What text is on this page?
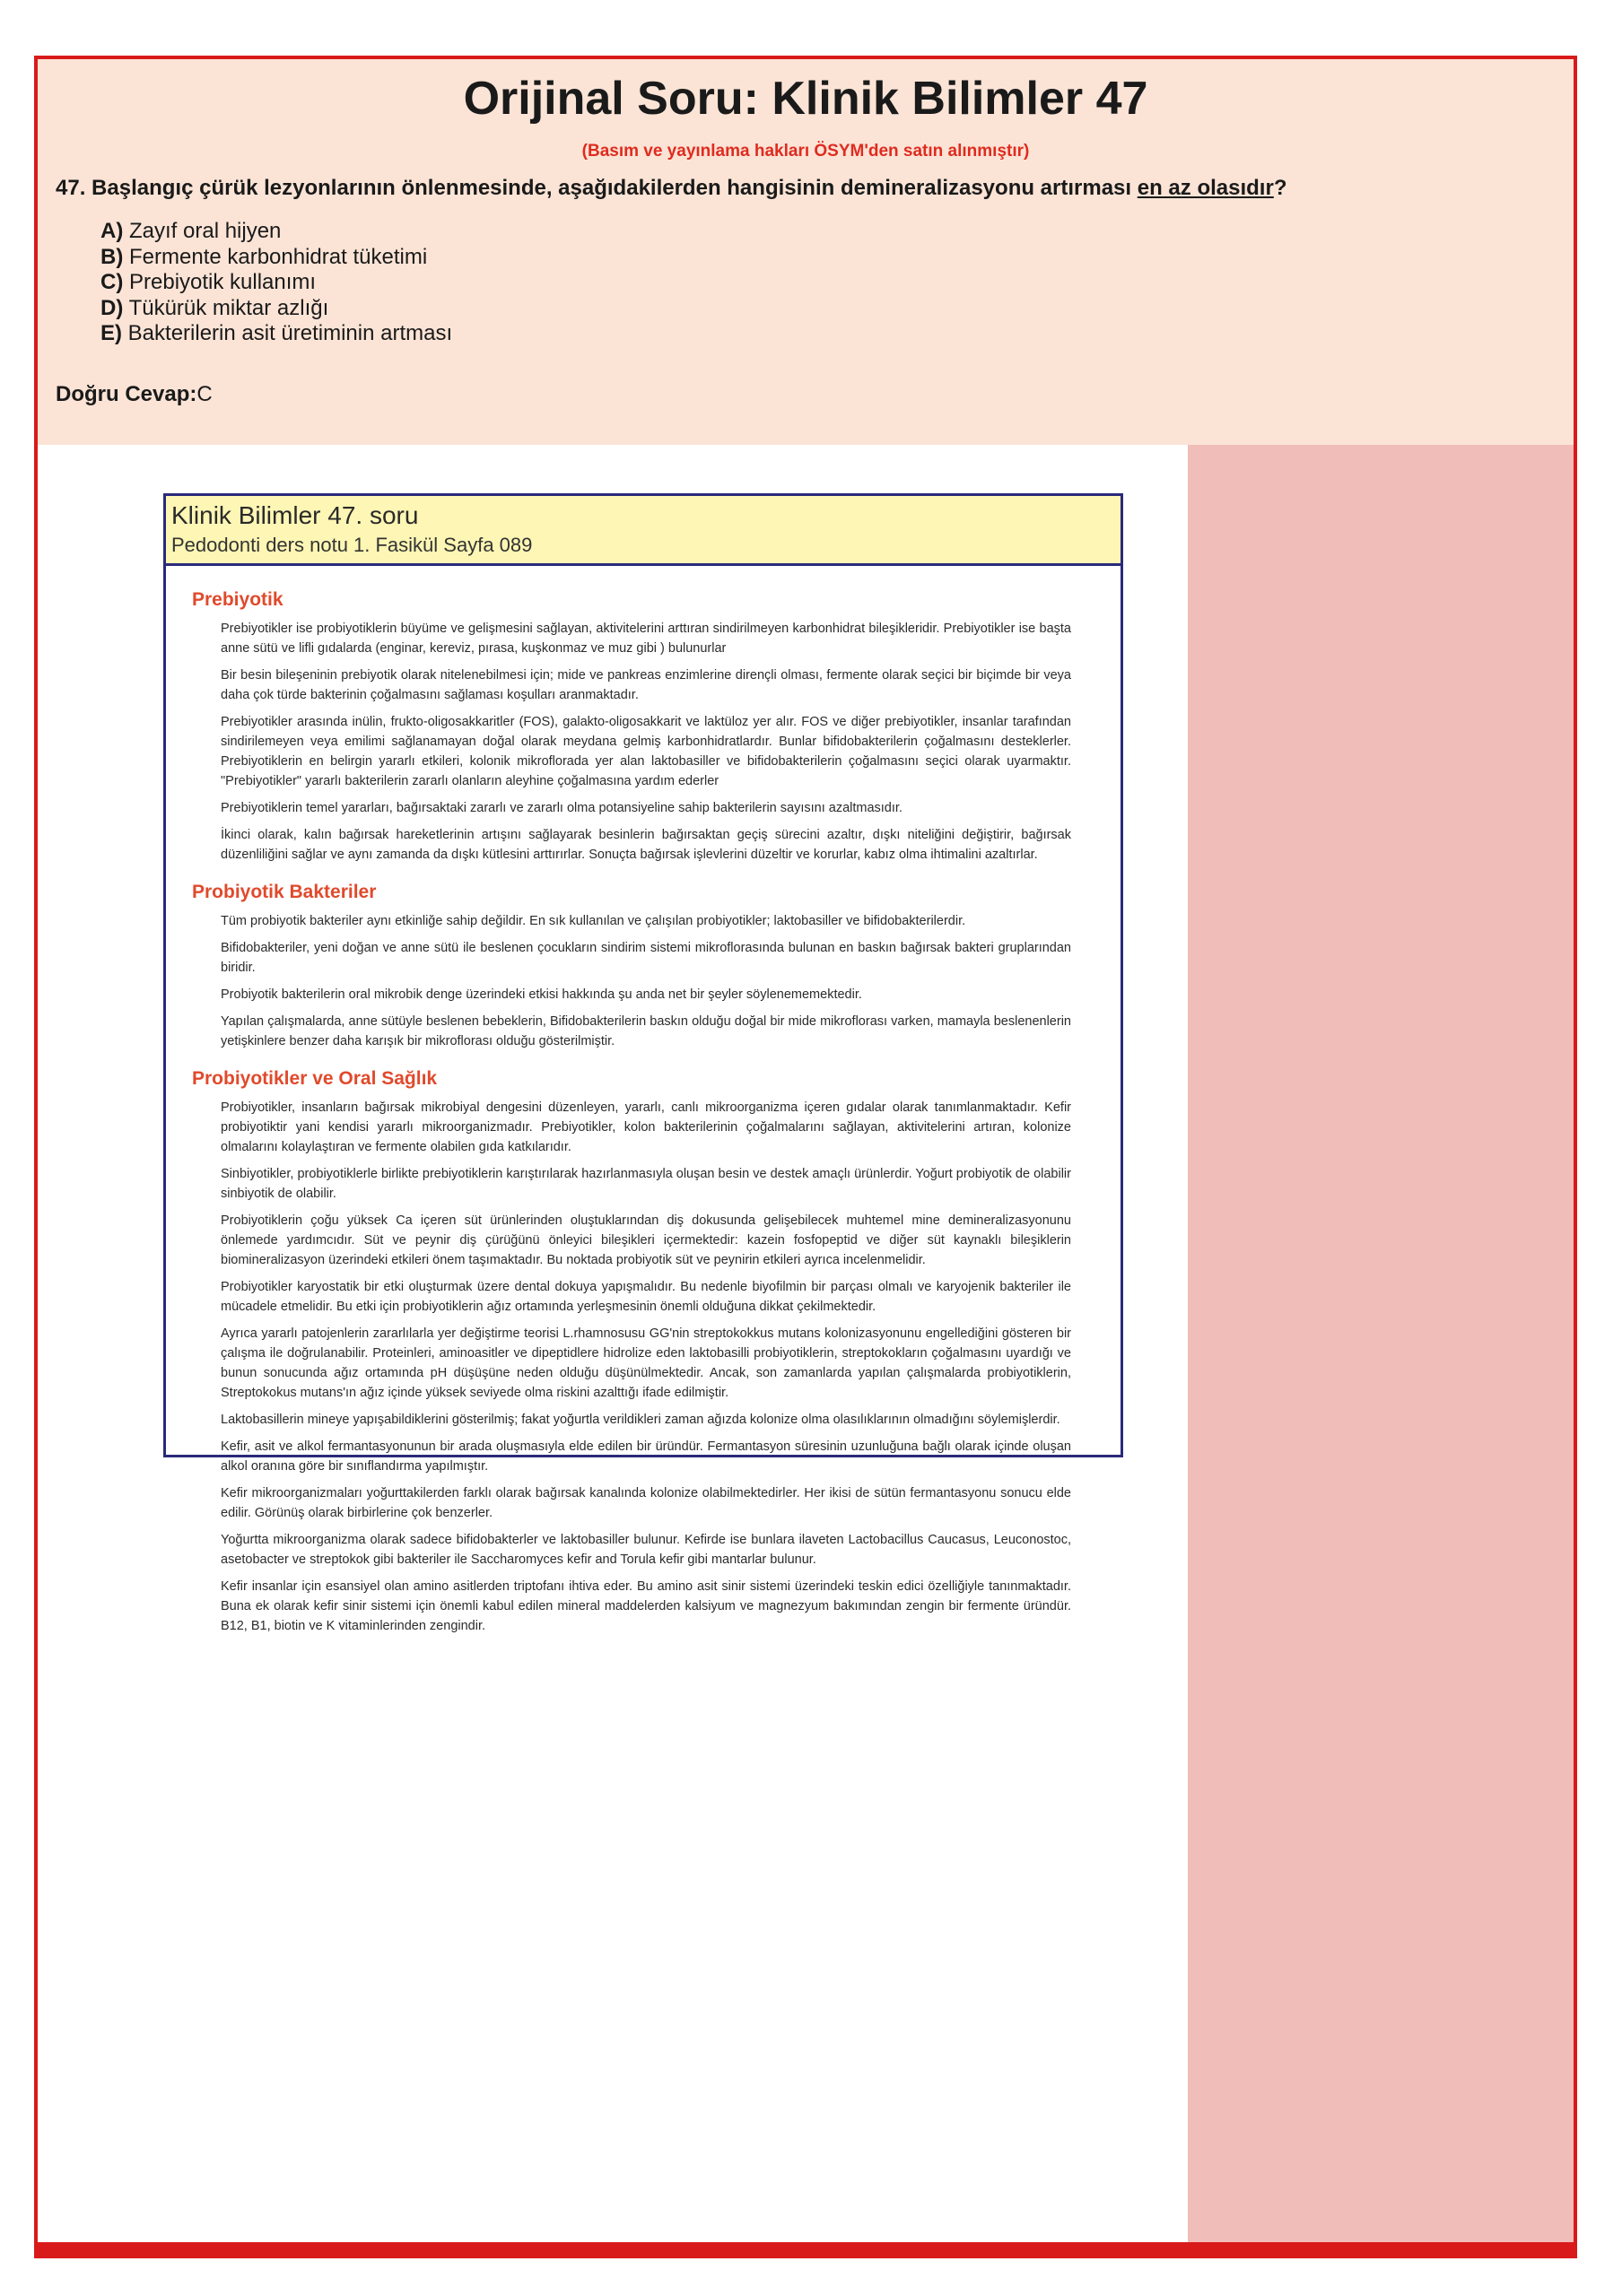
Orijinal Soru: Klinik Bilimler 47
(Basım ve yayınlama hakları ÖSYM'den satın alınmıştır)
47. Başlangıç çürük lezyonlarının önlenmesinde, aşağıdakilerden hangisinin demineralizasyonu artırması en az olasıdır?
A) Zayıf oral hijyen
B) Fermente karbonhidrat tüketimi
C) Prebiyotik kullanımı
D) Tükürük miktar azlığı
E) Bakterilerin asit üretiminin artması
Doğru Cevap:C
Prebiyotik

Prebiyotikler ise probiyotiklerin büyüme ve gelişmesini sağlayan, aktivitelerini arttıran sindirilmeyen karbonhidrat bileşikleridir. Prebiyotikler ise başta anne sütü ve lifli gıdalarda (enginar, kereviz, pırasa, kuşkonmaz ve muz gibi ) bulunurlar

Bir besin bileşeninin prebiyotik olarak nitelenebilmesi için; mide ve pankreas enzimlerine dirençli olması, fermente olarak seçici bir biçimde bir veya daha çok türde bakterinin çoğalmasını sağlaması koşulları aranmaktadır.

Prebiyotikler arasında inülin, frukto-oligosakkaritler (FOS), galakto-oligosakkarit ve laktüloz yer alır. FOS ve diğer prebiyotikler, insanlar tarafından sindirilemeyen veya emilimi sağlanamayan doğal olarak meydana gelmiş karbonhidratlardır. Bunlar bifidobakterilerin çoğalmasını desteklerler. Prebiyotiklerin en belirgin yararlı etkileri, kolonik mikroflorada yer alan laktobasiller ve bifidobakterilerin çoğalmasını seçici olarak uyarmaktır. "Prebiyotikler" yararlı bakterilerin zararlı olanların aleyhine çoğalmasına yardım ederler

Prebiyotiklerin temel yararları, bağırsaktaki zararlı ve zararlı olma potansiyeline sahip bakterilerin sayısını azaltmasıdır.

İkinci olarak, kalın bağırsak hareketlerinin artışını sağlayarak besinlerin bağırsaktan geçiş sürecini azaltır, dışkı niteliğini değiştirir, bağırsak düzenliliğini sağlar ve aynı zamanda da dışkı kütlesini arttırırlar. Sonuçta bağırsak işlevlerini düzeltir ve korurlar, kabız olma ihtimalini azaltırlar.

Probiyotik Bakteriler

Tüm probiyotik bakteriler aynı etkinliğe sahip değildir. En sık kullanılan ve çalışılan probiyotikler; laktobasiller ve bifidobakterilerdir.

Bifidobakteriler, yeni doğan ve anne sütü ile beslenen çocukların sindirim sistemi mikroflorasında bulunan en baskın bağırsak bakteri gruplarından biridir.

Probiyotik bakterilerin oral mikrobik denge üzerindeki etkisi hakkında şu anda net bir şeyler söylenememektedir.

Yapılan çalışmalarda, anne sütüyle beslenen bebeklerin, Bifidobakterilerin baskın olduğu doğal bir mide mikroflorası varken, mamayla beslenenlerin yetişkinlere benzer daha karışık bir mikroflorası olduğu gösterilmiştir.

Probiyotikler ve Oral Sağlık

Probiyotikler, insanların bağırsak mikrobiyal dengesini düzenleyen, yararlı, canlı mikroorganizma içeren gıdalar olarak tanımlanmaktadır. Kefir probiyotiktir yani kendisi yararlı mikroorganizmadır. Prebiyotikler, kolon bakterilerinin çoğalmalarını sağlayan, aktivitelerini artıran, kolonize olmalarını kolaylaştıran ve fermente olabilen gıda katkılarıdır.

Sinbiyotikler, probiyotiklerle birlikte prebiyotiklerin karıştırılarak hazırlanmasıyla oluşan besin ve destek amaçlı ürünlerdir. Yoğurt probiyotik de olabilir sinbiyotik de olabilir.

Probiyotiklerin çoğu yüksek Ca içeren süt ürünlerinden oluştuklarından diş dokusunda gelişebilecek muhtemel mine demineralizasyonunu önlemede yardımcıdır. Süt ve peynir diş çürüğünü önleyici bileşikleri içermektedir: kazein fosfopeptid ve diğer süt kaynaklı bileşiklerin biomineralizasyon üzerindeki etkileri önem taşımaktadır. Bu noktada probiyotik süt ve peynirin etkileri ayrıca incelenmelidir.

Probiyotikler karyostatik bir etki oluşturmak üzere dental dokuya yapışmalıdır. Bu nedenle biyofilmin bir parçası olmalı ve karyojenik bakteriler ile mücadele etmelidir. Bu etki için probiyotiklerin ağız ortamında yerleşmesinin önemli olduğuna dikkat çekilmektedir.

Ayrıca yararlı patojenlerin zararlılarla yer değiştirme teorisi L.rhamnosusu GG'nin streptokokkus mutans kolonizasyonunu engellediğini gösteren bir çalışma ile doğrulanabilir. Proteinleri, aminoasitler ve dipeptidlere hidrolize eden laktobasilli probiyotiklerin, streptokokların çoğalmasını uyardığı ve bunun sonucunda ağız ortamında pH düşüşüne neden olduğu düşünülmektedir. Ancak, son zamanlarda yapılan çalışmalarda probiyotiklerin, Streptokokus mutans'ın ağız içinde yüksek seviyede olma riskini azalttığı ifade edilmiştir.

Laktobasillerin mineye yapışabildiklerini gösterilmiş; fakat yoğurtla verildikleri zaman ağızda kolonize olma olasılıklarının olmadığını söylemişlerdir.

Kefir, asit ve alkol fermantasyonunun bir arada oluşmasıyla elde edilen bir üründür. Fermantasyon süresinin uzunluğuna bağlı olarak içinde oluşan alkol oranına göre bir sınıflandırma yapılmıştır.

Kefir mikroorganizmaları yoğurttakilerden farklı olarak bağırsak kanalında kolonize olabilmektedirler. Her ikisi de sütün fermantasyonu sonucu elde edilir. Görünüş olarak birbirlerine çok benzerler.

Yoğurtta mikroorganizma olarak sadece bifidobakterler ve laktobasiller bulunur. Kefirde ise bunlara ilaveten Lactobacillus Caucasus, Leuconostoc, asetobacter ve streptokok gibi bakteriler ile Saccharomyces kefir and Torula kefir gibi mantarlar bulunur.

Kefir insanlar için esansiyel olan amino asitlerden triptofanı ihtiva eder. Bu amino asit sinir sistemi üzerindeki teskin edici özelliğiyle tanınmaktadır. Buna ek olarak kefir sinir sistemi için önemli kabul edilen mineral maddelerden kalsiyum ve magnezyum bakımından zengin bir fermente üründür. B12, B1, biotin ve K vitaminlerinden zengindir.

Klinik Bilimler 47. soru
Pedodonti ders notu 1. Fasikül Sayfa 089
